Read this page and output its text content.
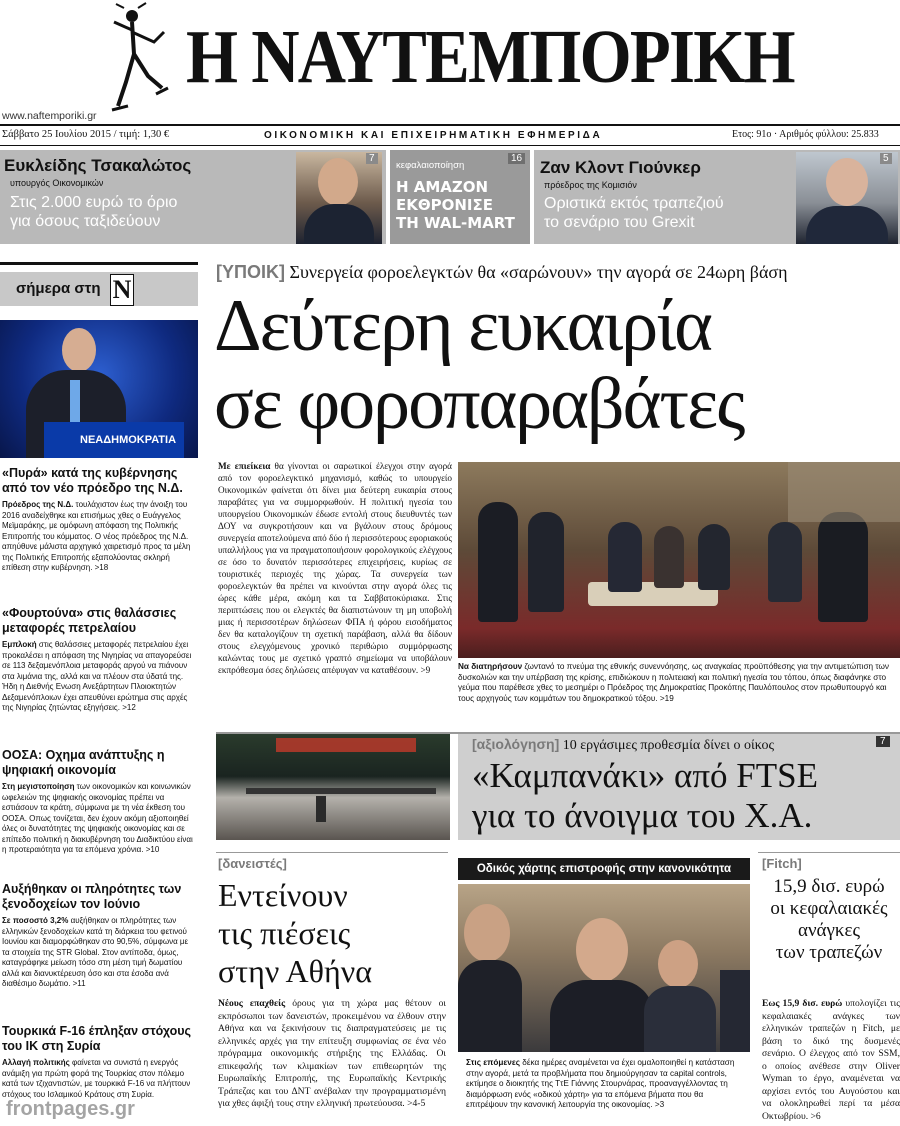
Η ΝΑΥΤΕΜΠΟΡΙΚΗ
www.naftemporiki.gr
Σάββατο 25 Ιουλίου 2015 / τιμή: 1,30 €	ΟΙΚΟΝΟΜΙΚΗ ΚΑΙ ΕΠΙΧΕΙΡΗΜΑΤΙΚΗ ΕΦΗΜΕΡΙΔΑ	Ετος: 91ο · Αριθμός φύλλου: 25.833
Ευκλείδης Τσακαλώτος
υπουργός Οικονομικών
Στις 2.000 ευρώ το όριο
για όσους ταξιδεύουν
7
κεφαλαιοποίηση
Η AMAZON
ΕΚΘΡΟΝΙΣΕ
ΤΗ WAL-MART
16 Ζαν Κλοντ Γιούνκερ
πρόεδρος της Κομισιόν
Οριστικά εκτός τραπεζιού
το σενάριο του Grexit
5
σήμερα στη N
ΝΕΑΔΗΜΟΚΡΑΤΙΑ
«Πυρά» κατά της κυβέρνησης από τον νέο πρόεδρο της Ν.Δ.
Πρόεδρος της Ν.Δ. τουλάχιστον έως την άνοιξη του 2016 αναδείχθηκε και επισήμως χθες ο Ευάγγελος Μεϊμαράκης, με ομόφωνη απόφαση της Πολιτικής Επιτροπής του κόμματος. Ο νέος πρόεδρος της Ν.Δ. απηύθυνε μάλιστα αρχηγικό χαιρετισμό προς τα μέλη της Πολιτικής Επιτροπής εξαπολύοντας σκληρή επίθεση στην κυβέρνηση. >18
«Φουρτούνα» στις θαλάσσιες μεταφορές πετρελαίου
Εμπλοκή στις θαλάσσιες μεταφορές πετρελαίου έχει προκαλέσει η απόφαση της Νιγηρίας να απαγορεύσει σε 113 δεξαμενόπλοια μεταφοράς αργού να πιάνουν στα λιμάνια της, αλλά και να πλέουν στα ύδατά της. Ήδη η Διεθνής Ενωση Ανεξάρτητων Πλοιοκτητών Δεξαμενόπλοιων έχει απευθύνει ερώτημα στις αρχές της Νιγηρίας ζητώντας εξηγήσεις. >12
ΟΟΣΑ: Οχημα ανάπτυξης η ψηφιακή οικονομία
Στη μεγιστοποίηση των οικονομικών και κοινωνικών ωφελειών της ψηφιακής οικονομίας πρέπει να εστιάσουν τα κράτη, σύμφωνα με τη νέα έκθεση του ΟΟΣΑ. Οπως τονίζεται, δεν έχουν ακόμη αξιοποιηθεί όλες οι δυνατότητες της ψηφιακής οικονομίας και σε επίπεδο πολιτική η διακυβέρνηση του Διαδικτύου είναι η προτεραιότητα για τα επόμενα χρόνια. >10
Αυξήθηκαν οι πληρότητες των ξενοδοχείων τον Ιούνιο
Σε ποσοστό 3,2% αυξήθηκαν οι πληρότητες των ελληνικών ξενοδοχείων κατά τη διάρκεια του φετινού Ιουνίου και διαμορφώθηκαν στο 90,5%, σύμφωνα με τα στοιχεία της STR Global. Στον αντίποδα, όμως, καταγράφηκε μείωση τόσο στη μέση τιμή δωματίου αλλά και διανυκτέρευση όσο και στα έσοδα ανά διαθέσιμο δωμάτιο. >11
Τουρκικά F-16 έπληξαν στόχους του ΙΚ στη Συρία
Αλλαγή πολιτικής φαίνεται να συνιστά η ενεργός ανάμιξη για πρώτη φορά της Τουρκίας στον πόλεμο κατά των τζιχαντιστών, με τουρκικά F-16 να πλήττουν στόχους του Ισλαμικού Κράτους στη Συρία.
[ΥΠΟΙΚ] Συνεργεία φοροελεγκτών θα «σαρώνουν» την αγορά σε 24ωρη βάση
Δεύτερη ευκαιρία
σε φοροπαραβάτες
Με επιείκεια θα γίνονται οι σαρωτικοί έλεγχοι στην αγορά από τον φοροελεγκτικό μηχανισμό, καθώς το υπουργείο Οικονομικών φαίνεται ότι δίνει μια δεύτερη ευκαιρία στους παραβάτες για να συμμορφωθούν. Η πολιτική ηγεσία του υπουργείου Οικονομικών έδωσε εντολή στους διευθυντές των ΔΟΥ να συγκροτήσουν και να βγάλουν στους δρόμους συνεργεία αποτελούμενα από δύο ή περισσότερους εφοριακούς υπαλλήλους για να πραγματοποιήσουν φορολογικούς ελέγχους σε όσο το δυνατόν περισσότερες επιχειρήσεις, κυρίως σε τουριστικές περιοχές της χώρας. Τα συνεργεία των φοροελεγκτών θα πρέπει να κινούνται στην αγορά όλες τις ώρες κάθε μέρα, ακόμη και τα Σαββατοκύριακα. Στις περιπτώσεις που οι ελεγκτές θα διαπιστώνουν τη μη υποβολή μιας ή περισσοτέρων δηλώσεων ΦΠΑ ή φόρου εισοδήματος δεν θα καταλογίζουν τη σχετική παράβαση, αλλά θα δίδουν στους ελεγχόμενους χρονικό περιθώριο συμμόρφωσης καλώντας τους με σχετικό γραπτό σημείωμα να υποβάλουν εκπρόθεσμα όσες δηλώσεις απέφυγαν να καταθέσουν. >9	Να διατηρήσουν ζωντανό το πνεύμα της εθνικής συνεννόησης, ως αναγκαίας προϋπόθεσης για την αντιμετώπιση των δυσκολιών και την υπέρβαση της κρίσης, επιδιώκουν η πολιτειακή και πολιτική ηγεσία του τόπου, όπως διαφάνηκε στο γεύμα που παρέθεσε χθες το μεσημέρι ο Πρόεδρος της Δημοκρατίας Προκόπης Παυλόπουλος στον πρωθυπουργό και τους αρχηγούς των κομμάτων του δημοκρατικού τόξου. >19
[αξιολόγηση] 10 εργάσιμες προθεσμία δίνει ο οίκος
«Καμπανάκι» από FTSE
για το άνοιγμα του Χ.Α.
7
[δανειστές]
Εντείνουν
τις πιέσεις
στην Αθήνα
Νέους επαχθείς όρους για τη χώρα μας θέτουν οι εκπρόσωποι των δανειστών, προκειμένου να έλθουν στην Αθήνα και να ξεκινήσουν τις διαπραγματεύσεις με τις ελληνικές αρχές για την επίτευξη συμφωνίας σε ένα νέο πρόγραμμα οικονομικής στήριξης της Ελλάδας. Οι επικεφαλής των κλιμακίων των επιθεωρητών της Ευρωπαϊκής Επιτροπής, της Ευρωπαϊκής Κεντρικής Τράπεζας και του ΔΝΤ ανέβαλαν την προγραμματισμένη για χθες άφιξή τους στην ελληνική πρωτεύουσα. >4-5
Οδικός χάρτης επιστροφής στην κανονικότητα
Στις επόμενες δέκα ημέρες αναμένεται να έχει ομαλοποιηθεί η κατάσταση στην αγορά, μετά τα προβλήματα που δημιούργησαν τα capital controls, εκτίμησε ο διοικητής της ΤτΕ Γιάννης Στουρνάρας, προαναγγέλλοντας τη διαμόρφωση ενός «οδικού χάρτη» για τα επόμενα βήματα που θα επιτρέψουν την κανονική λειτουργία της οικονομίας. >3
[Fitch]
15,9 δισ. ευρώ
οι κεφαλαιακές
ανάγκες
των τραπεζών
Εως 15,9 δισ. ευρώ υπολογίζει τις κεφαλαιακές ανάγκες των ελληνικών τραπεζών η Fitch, με βάση το δικό της δυσμενές σενάριο. Ο έλεγχος από τον SSM, ο οποίος ανέθεσε στην Oliver Wyman το έργο, αναμένεται να αρχίσει εντός του Αυγούστου και να ολοκληρωθεί περί τα μέσα Οκτωβρίου. >6
frontpages.gr
